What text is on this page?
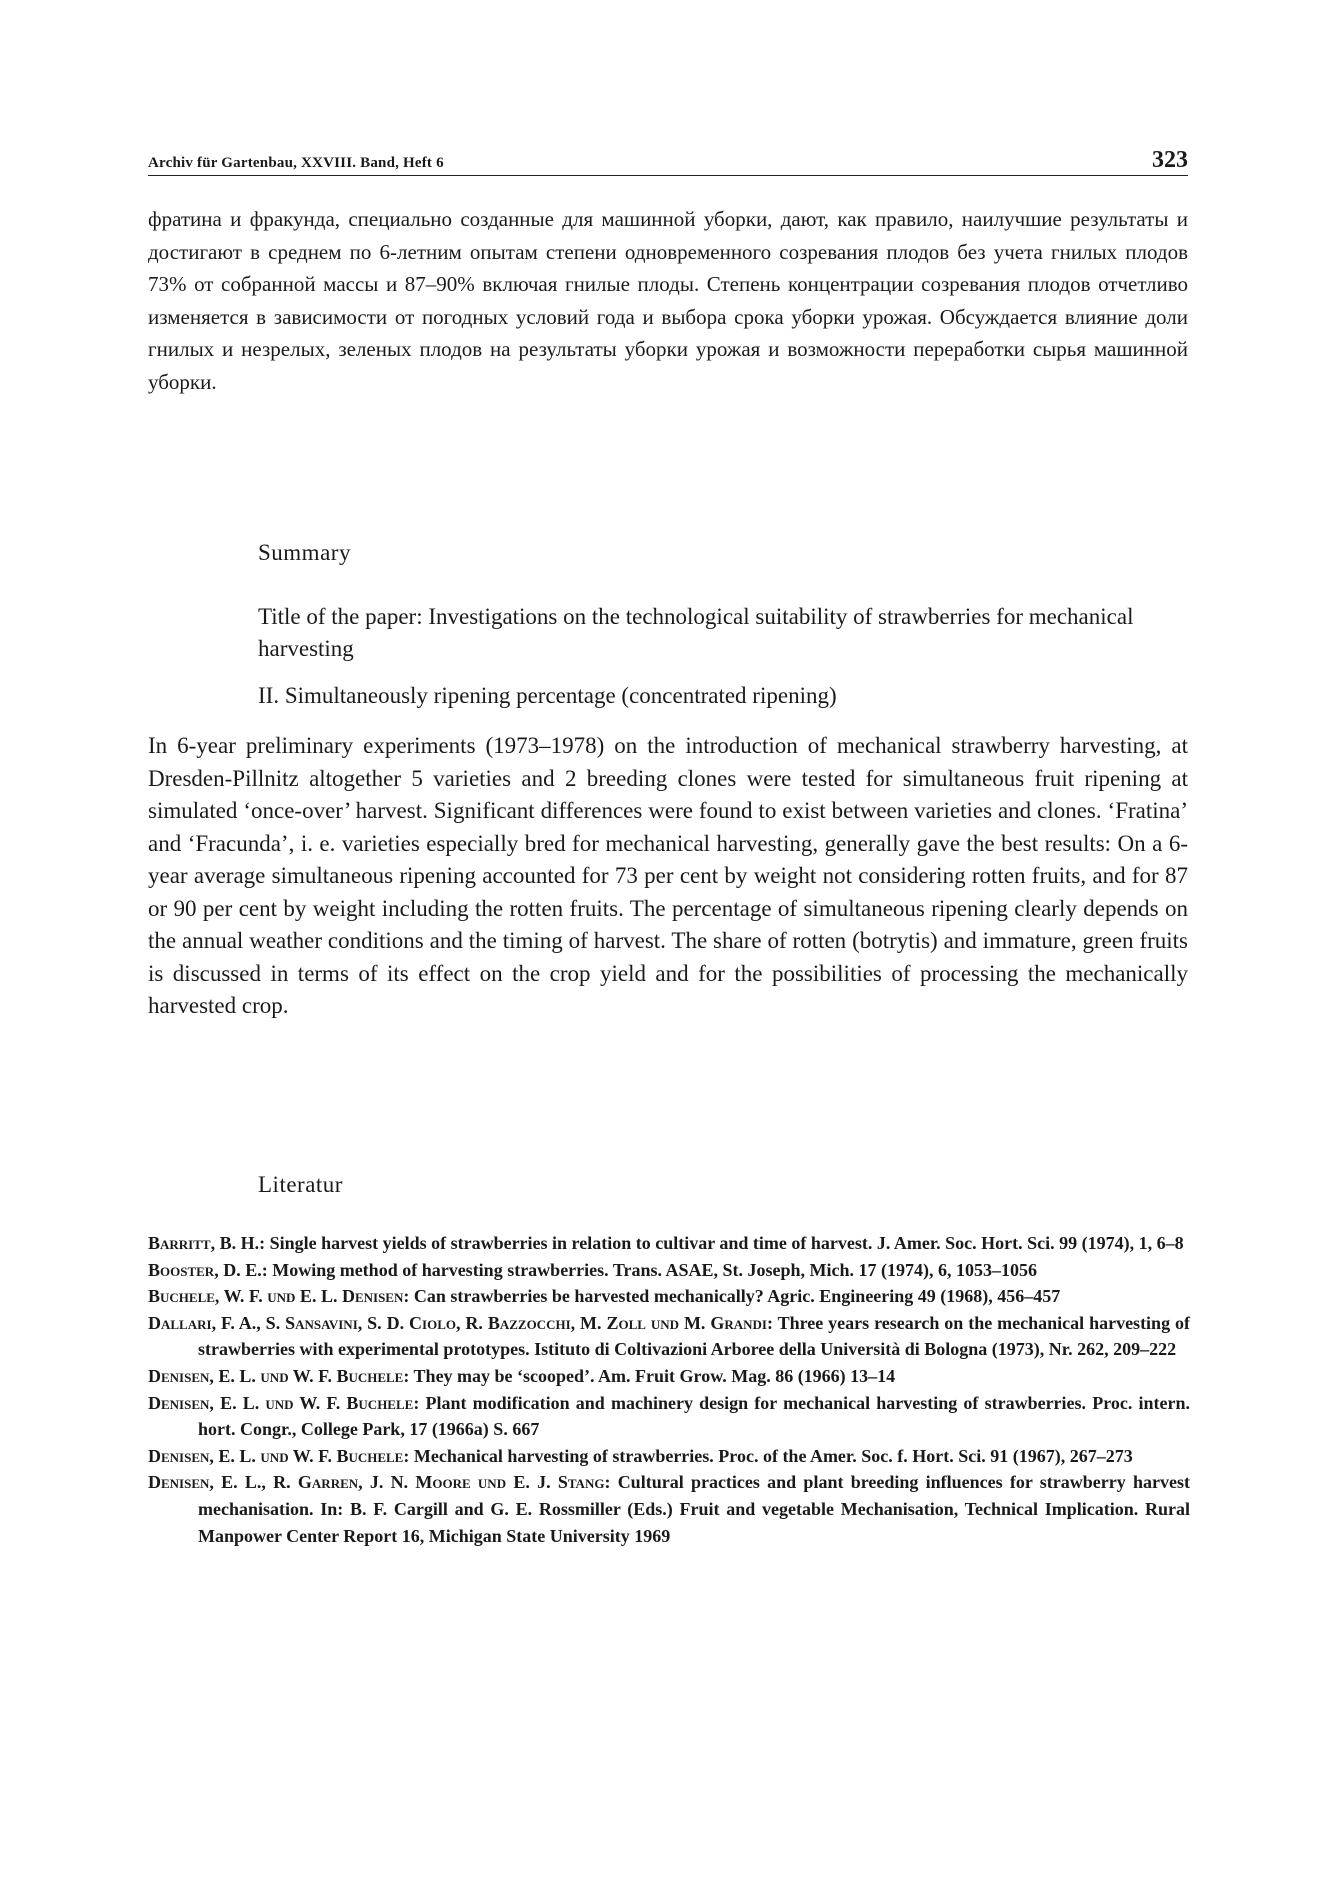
Archiv für Gartenbau, XXVIII. Band, Heft 6	323

фратина и фракунда, специально созданные для машинной уборки, дают, как правило, наилучшие результаты и достигают в среднем по 6-летним опытам степени одновременного созревания плодов без учета гнилых плодов 73% от собранной массы и 87–90% включая гнилые плоды. Степень концентрации созревания плодов отчетливо изменяется в зависимости от погодных условий года и выбора срока уборки урожая. Обсуждается влияние доли гнилых и незрелых, зеленых плодов на результаты уборки урожая и возможности переработки сырья машинной уборки.

Summary

Title of the paper: Investigations on the technological suitability of strawberries for mechanical harvesting

II. Simultaneously ripening percentage (concentrated ripening)

In 6-year preliminary experiments (1973–1978) on the introduction of mechanical strawberry harvesting, at Dresden-Pillnitz altogether 5 varieties and 2 breeding clones were tested for simultaneous fruit ripening at simulated ‘once-over’ harvest. Significant differences were found to exist between varieties and clones. ‘Fratina’ and ‘Fracunda’, i. e. varieties especially bred for mechanical harvesting, generally gave the best results: On a 6-year average simultaneous ripening accounted for 73 per cent by weight not considering rotten fruits, and for 87 or 90 per cent by weight including the rotten fruits. The percentage of simultaneous ripening clearly depends on the annual weather conditions and the timing of harvest. The share of rotten (botrytis) and immature, green fruits is discussed in terms of its effect on the crop yield and for the possibilities of processing the mechanically harvested crop.

Literatur
Barritt, B. H.: Single harvest yields of strawberries in relation to cultivar and time of harvest. J. Amer. Soc. Hort. Sci. 99 (1974), 1, 6–8
Booster, D. E.: Mowing method of harvesting strawberries. Trans. ASAE, St. Joseph, Mich. 17 (1974), 6, 1053–1056
Buchele, W. F. und E. L. Denisen: Can strawberries be harvested mechanically? Agric. Engineering 49 (1968), 456–457
Dallari, F. A., S. Sansavini, S. D. Ciolo, R. Bazzocchi, M. Zoll und M. Grandi: Three years research on the mechanical harvesting of strawberries with experimental prototypes. Istituto di Coltivazioni Arboree della Università di Bologna (1973), Nr. 262, 209–222
Denisen, E. L. und W. F. Buchele: They may be ‘scooped’. Am. Fruit Grow. Mag. 86 (1966) 13–14
Denisen, E. L. und W. F. Buchele: Plant modification and machinery design for mechanical harvesting of strawberries. Proc. intern. hort. Congr., College Park, 17 (1966a) S. 667
Denisen, E. L. und W. F. Buchele: Mechanical harvesting of strawberries. Proc. of the Amer. Soc. f. Hort. Sci. 91 (1967), 267–273
Denisen, E. L., R. Garren, J. N. Moore und E. J. Stang: Cultural practices and plant breeding influences for strawberry harvest mechanisation. In: B. F. Cargill and G. E. Rossmiller (Eds.) Fruit and vegetable Mechanisation, Technical Implication. Rural Manpower Center Report 16, Michigan State University 1969
